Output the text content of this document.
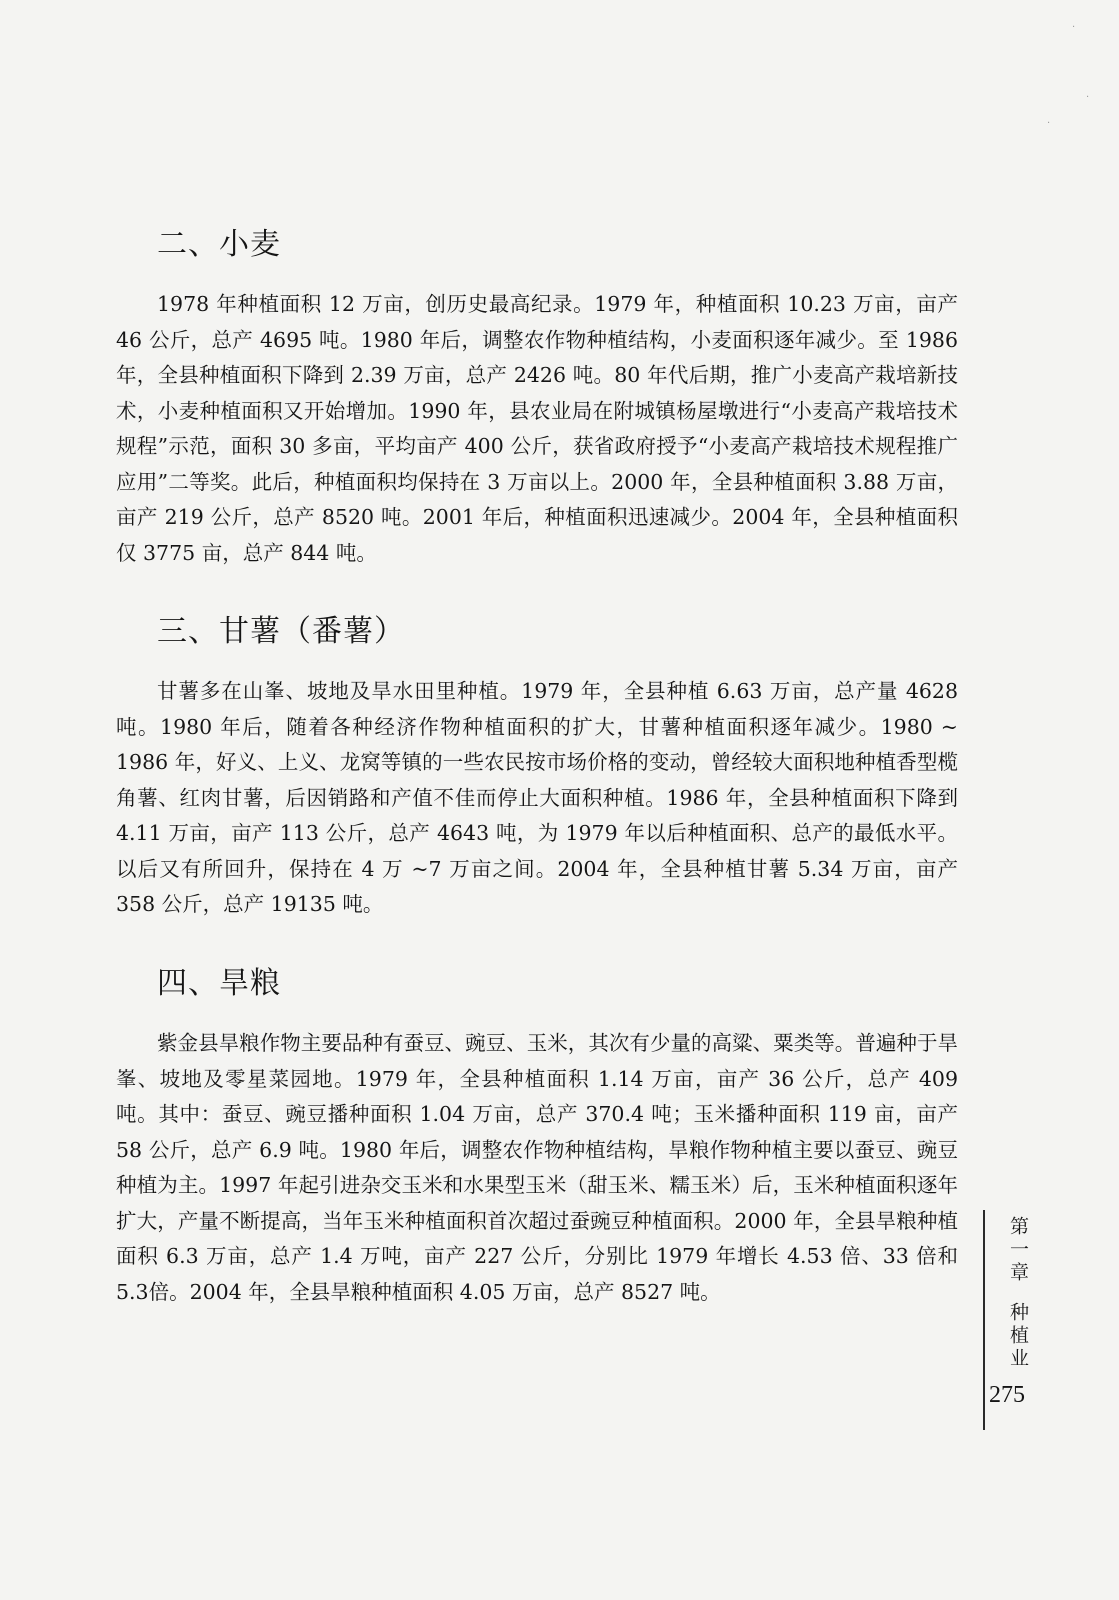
二、小麦

1978 年种植面积 12 万亩，创历史最高纪录。1979 年，种植面积 10.23 万亩，亩产 46 公斤，总产 4695 吨。1980 年后，调整农作物种植结构，小麦面积逐年减少。至 1986 年，全县种植面积下降到 2.39 万亩，总产 2426 吨。80 年代后期，推广小麦高产栽培新技术，小麦种植面积又开始增加。1990 年，县农业局在附城镇杨屋墩进行“小麦高产栽培技术规程”示范，面积 30 多亩，平均亩产 400 公斤，获省政府授予“小麦高产栽培技术规程推广应用”二等奖。此后，种植面积均保持在 3 万亩以上。2000 年，全县种植面积 3.88 万亩，亩产 219 公斤，总产 8520 吨。2001 年后，种植面积迅速减少。2004 年，全县种植面积仅 3775 亩，总产 844 吨。

三、甘薯（番薯）

甘薯多在山峯、坡地及旱水田里种植。1979 年，全县种植 6.63 万亩，总产量 4628 吨。1980 年后，随着各种经济作物种植面积的扩大，甘薯种植面积逐年减少。1980 ~ 1986 年，好义、上义、龙窝等镇的一些农民按市场价格的变动，曾经较大面积地种植香型榄角薯、红肉甘薯，后因销路和产值不佳而停止大面积种植。1986 年，全县种植面积下降到 4.11 万亩，亩产 113 公斤，总产 4643 吨，为 1979 年以后种植面积、总产的最低水平。以后又有所回升，保持在 4 万 ~7 万亩之间。2004 年，全县种植甘薯 5.34 万亩，亩产 358 公斤，总产 19135 吨。

四、旱粮

紫金县旱粮作物主要品种有蚕豆、豌豆、玉米，其次有少量的高粱、粟类等。普遍种于旱峯、坡地及零星菜园地。1979 年，全县种植面积 1.14 万亩，亩产 36 公斤，总产 409 吨。其中：蚕豆、豌豆播种面积 1.04 万亩，总产 370.4 吨；玉米播种面积 119 亩，亩产 58 公斤，总产 6.9 吨。1980 年后，调整农作物种植结构，旱粮作物种植主要以蚕豆、豌豆种植为主。1997 年起引进杂交玉米和水果型玉米（甜玉米、糯玉米）后，玉米种植面积逐年扩大，产量不断提高，当年玉米种植面积首次超过蚕豌豆种植面积。2000 年，全县旱粮种植面积 6.3 万亩，总产 1.4 万吨，亩产 227 公斤，分别比 1979 年增长 4.53 倍、33 倍和5.3倍。2004 年，全县旱粮种植面积 4.05 万亩，总产 8527 吨。

第一章
种植业
275
·
·
·
